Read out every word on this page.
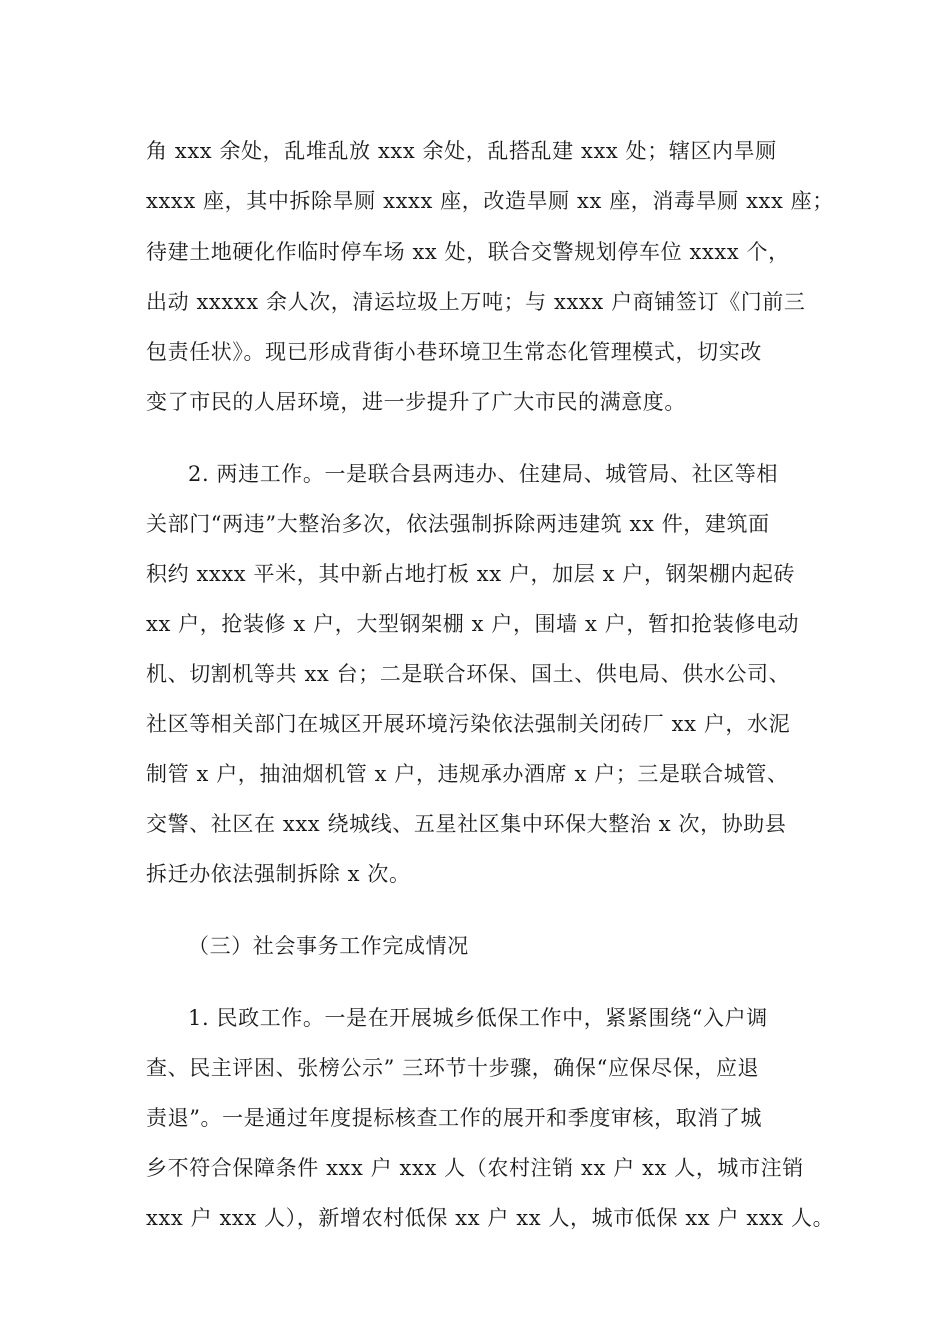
角 xxx 余处，乱堆乱放 xxx 余处，乱搭乱建 xxx 处；辖区内旱厕
xxxx 座，其中拆除旱厕 xxxx 座，改造旱厕 xx 座，消毒旱厕 xxx 座；
待建土地硬化作临时停车场 xx 处，联合交警规划停车位 xxxx 个，
出动 xxxxx 余人次，清运垃圾上万吨；与 xxxx 户商铺签订《门前三
包责任状》。现已形成背街小巷环境卫生常态化管理模式，切实改
变了市民的人居环境，进一步提升了广大市民的满意度。
2. 两违工作。一是联合县两违办、住建局、城管局、社区等相
关部门“两违”大整治多次，依法强制拆除两违建筑 xx 件，建筑面
积约 xxxx 平米，其中新占地打板 xx 户，加层 x 户，钢架棚内起砖
xx 户，抢装修 x 户，大型钢架棚 x 户，围墙 x 户，暂扣抢装修电动
机、切割机等共 xx 台；二是联合环保、国土、供电局、供水公司、
社区等相关部门在城区开展环境污染依法强制关闭砖厂 xx 户，水泥
制管 x 户，抽油烟机管 x 户，违规承办酒席 x 户；三是联合城管、
交警、社区在 xxx 绕城线、五星社区集中环保大整治 x 次，协助县
拆迁办依法强制拆除 x 次。
（三）社会事务工作完成情况
1. 民政工作。一是在开展城乡低保工作中，紧紧围绕“入户调
查、民主评困、张榜公示” 三环节十步骤，确保“应保尽保，应退
责退”。一是通过年度提标核查工作的展开和季度审核，取消了城
乡不符合保障条件 xxx 户 xxx 人（农村注销 xx 户 xx 人，城市注销
xxx 户 xxx 人），新增农村低保 xx 户 xx 人，城市低保 xx 户 xxx 人。
